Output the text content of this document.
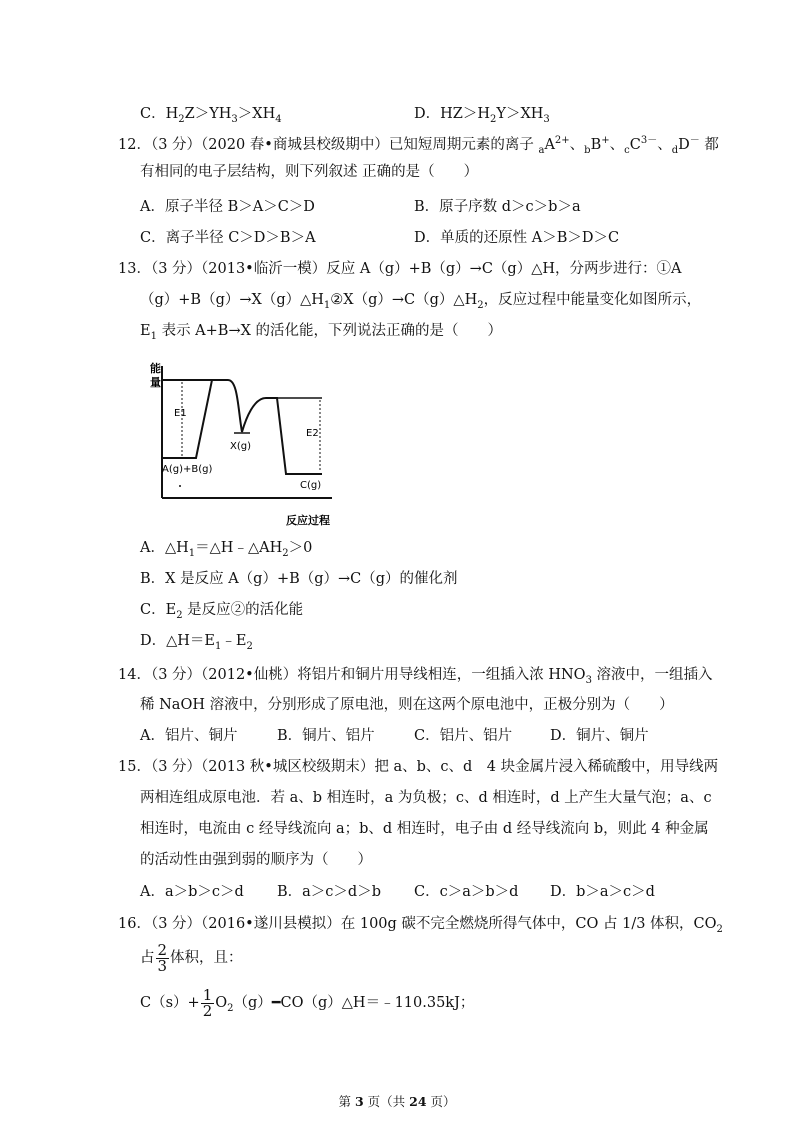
C．$H_2Z>YH_3>XH_4$	D．$HZ>H_2Y>XH_3$
12．（3 分）（2020 春•商城县校级期中）已知短周期元素的离子 $_aA^{2+}$、$_b$B+、$_cC^{3-}$、$_d$D－ 都
有相同的电子层结构，则下列叙述 正确的是（　　）
A．原子半径 B＞A＞C＞D	B．原子序数 d＞c＞b＞a
C．离子半径 C＞D＞B＞A	D．单质的还原性 A＞B＞D＞C
13．（3 分）（2013•临沂一模）反应 A（g）+B（g）→C（g）△H，分两步进行：①A
$(g)+B(g)\to X(g)\triangle H_1②X(g)\to C(g)\triangle H_2$，反应过程中能量变化如图所示，
$E_1$ 表示 A+B→X 的活化能，下列说法正确的是（　　）
能
量
反应过程
E1
E2
X(g)
A(g)+B(g)
C(g)
A．$\triangle H_1=\triangle H﹣\triangle AH_2>0$
B．X 是反应 A（g）+B（g）→C（g）的催化剂
C．$E_2$ 是反应②的活化能
D．$\triangle H=E_1﹣E_2$
14．（3 分）（2012•仙桃）将铝片和铜片用导线相连，一组插入浓 $HNO_3$ 溶液中，一组插入
稀 NaOH 溶液中，分别形成了原电池，则在这两个原电池中，正极分别为（　　）
A．铝片、铜片	B．铜片、铝片	C．铝片、铝片	D．铜片、铜片
15．（3 分）（2013 秋•城区校级期末）把 a、b、c、d　4 块金属片浸入稀硫酸中，用导线两
两相连组成原电池．若 a、b 相连时，a 为负极；c、d 相连时，d 上产生大量气泡；a、c
相连时，电流由 c 经导线流向 a；b、d 相连时，电子由 d 经导线流向 b，则此 4 种金属
的活动性由强到弱的顺序为（　　）
A．a＞b＞c＞d B．a＞c＞d＞b C．c＞a＞b＞d D．b＞a＞c＞d
16．（3 分）（2016•遂川县模拟）在 100g 碳不完全燃烧所得气体中，CO 占 1/3 体积，$CO_2$
占 $\frac{2}{3}$ 体积，且：
$C(s)+ \frac{1}{2}$ $O_2(g)━CO(g)\triangle H=﹣110.35kJ$；
第 3 页（共 24 页）
